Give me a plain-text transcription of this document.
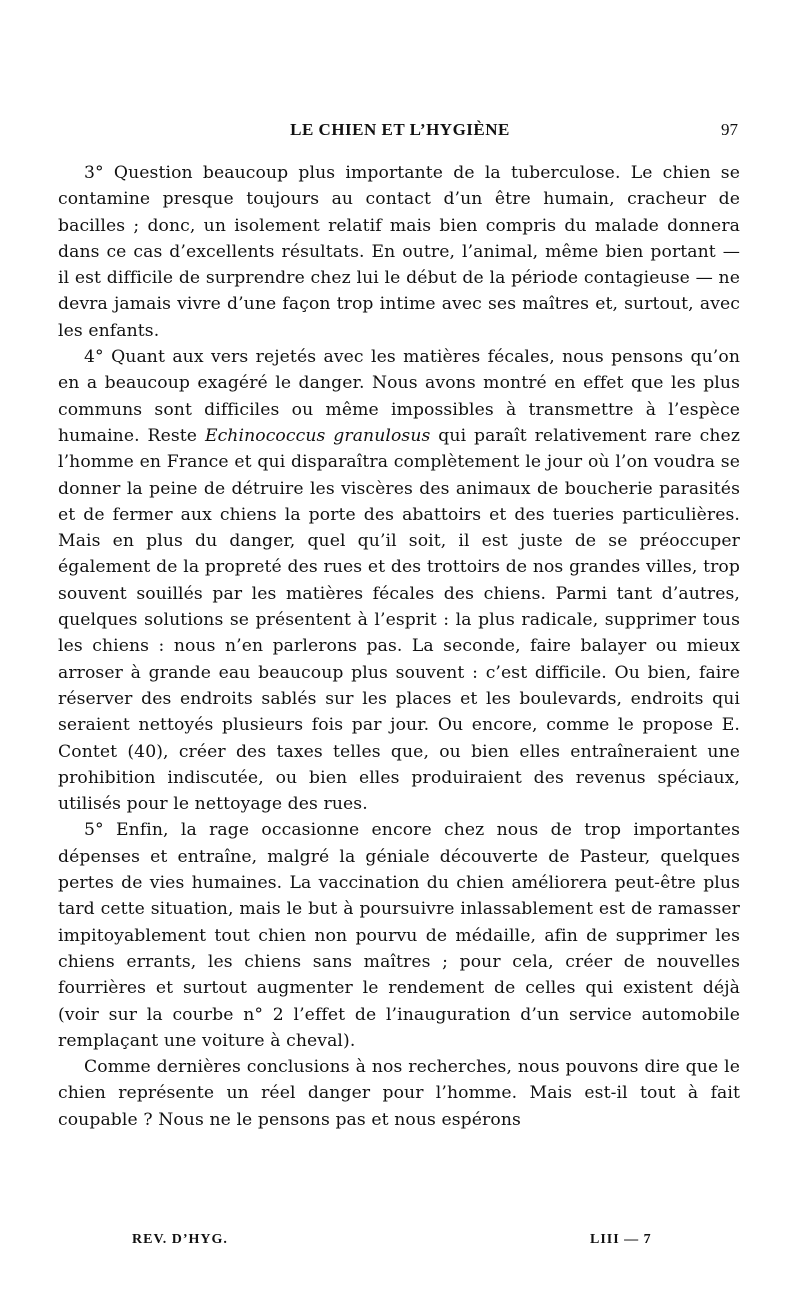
LE CHIEN ET L’HYGIÈNE	97

3° Question beaucoup plus importante de la tuberculose. Le chien se contamine presque toujours au contact d’un être humain, cracheur de bacilles ; donc, un isolement relatif mais bien compris du malade donnera dans ce cas d’excellents résultats. En outre, l’animal, même bien portant — il est difficile de surprendre chez lui le début de la période contagieuse — ne devra jamais vivre d’une façon trop intime avec ses maîtres et, surtout, avec les enfants.

4° Quant aux vers rejetés avec les matières fécales, nous pensons qu’on en a beaucoup exagéré le danger. Nous avons montré en effet que les plus communs sont difficiles ou même impossibles à transmettre à l’espèce humaine. Reste Echinococcus granulosus qui paraît relativement rare chez l’homme en France et qui disparaîtra complètement le jour où l’on voudra se donner la peine de détruire les viscères des animaux de boucherie parasités et de fermer aux chiens la porte des abattoirs et des tueries particulières. Mais en plus du danger, quel qu’il soit, il est juste de se préoccuper également de la propreté des rues et des trottoirs de nos grandes villes, trop souvent souillés par les matières fécales des chiens. Parmi tant d’autres, quelques solutions se présentent à l’esprit : la plus radicale, supprimer tous les chiens : nous n’en parlerons pas. La seconde, faire balayer ou mieux arroser à grande eau beaucoup plus souvent : c’est difficile. Ou bien, faire réserver des endroits sablés sur les places et les boulevards, endroits qui seraient nettoyés plusieurs fois par jour. Ou encore, comme le propose E. Contet (40), créer des taxes telles que, ou bien elles entraîneraient une prohibition indiscutée, ou bien elles produiraient des revenus spéciaux, utilisés pour le nettoyage des rues.

5° Enfin, la rage occasionne encore chez nous de trop importantes dépenses et entraîne, malgré la géniale découverte de Pasteur, quelques pertes de vies humaines. La vaccination du chien améliorera peut-être plus tard cette situation, mais le but à poursuivre inlassablement est de ramasser impitoyablement tout chien non pourvu de médaille, afin de supprimer les chiens errants, les chiens sans maîtres ; pour cela, créer de nouvelles fourrières et surtout augmenter le rendement de celles qui existent déjà (voir sur la courbe n° 2 l’effet de l’inauguration d’un service automobile remplaçant une voiture à cheval).

Comme dernières conclusions à nos recherches, nous pouvons dire que le chien représente un réel danger pour l’homme. Mais est-il tout à fait coupable ? Nous ne le pensons pas et nous espérons

REV. D’HYG.	LIII — 7
